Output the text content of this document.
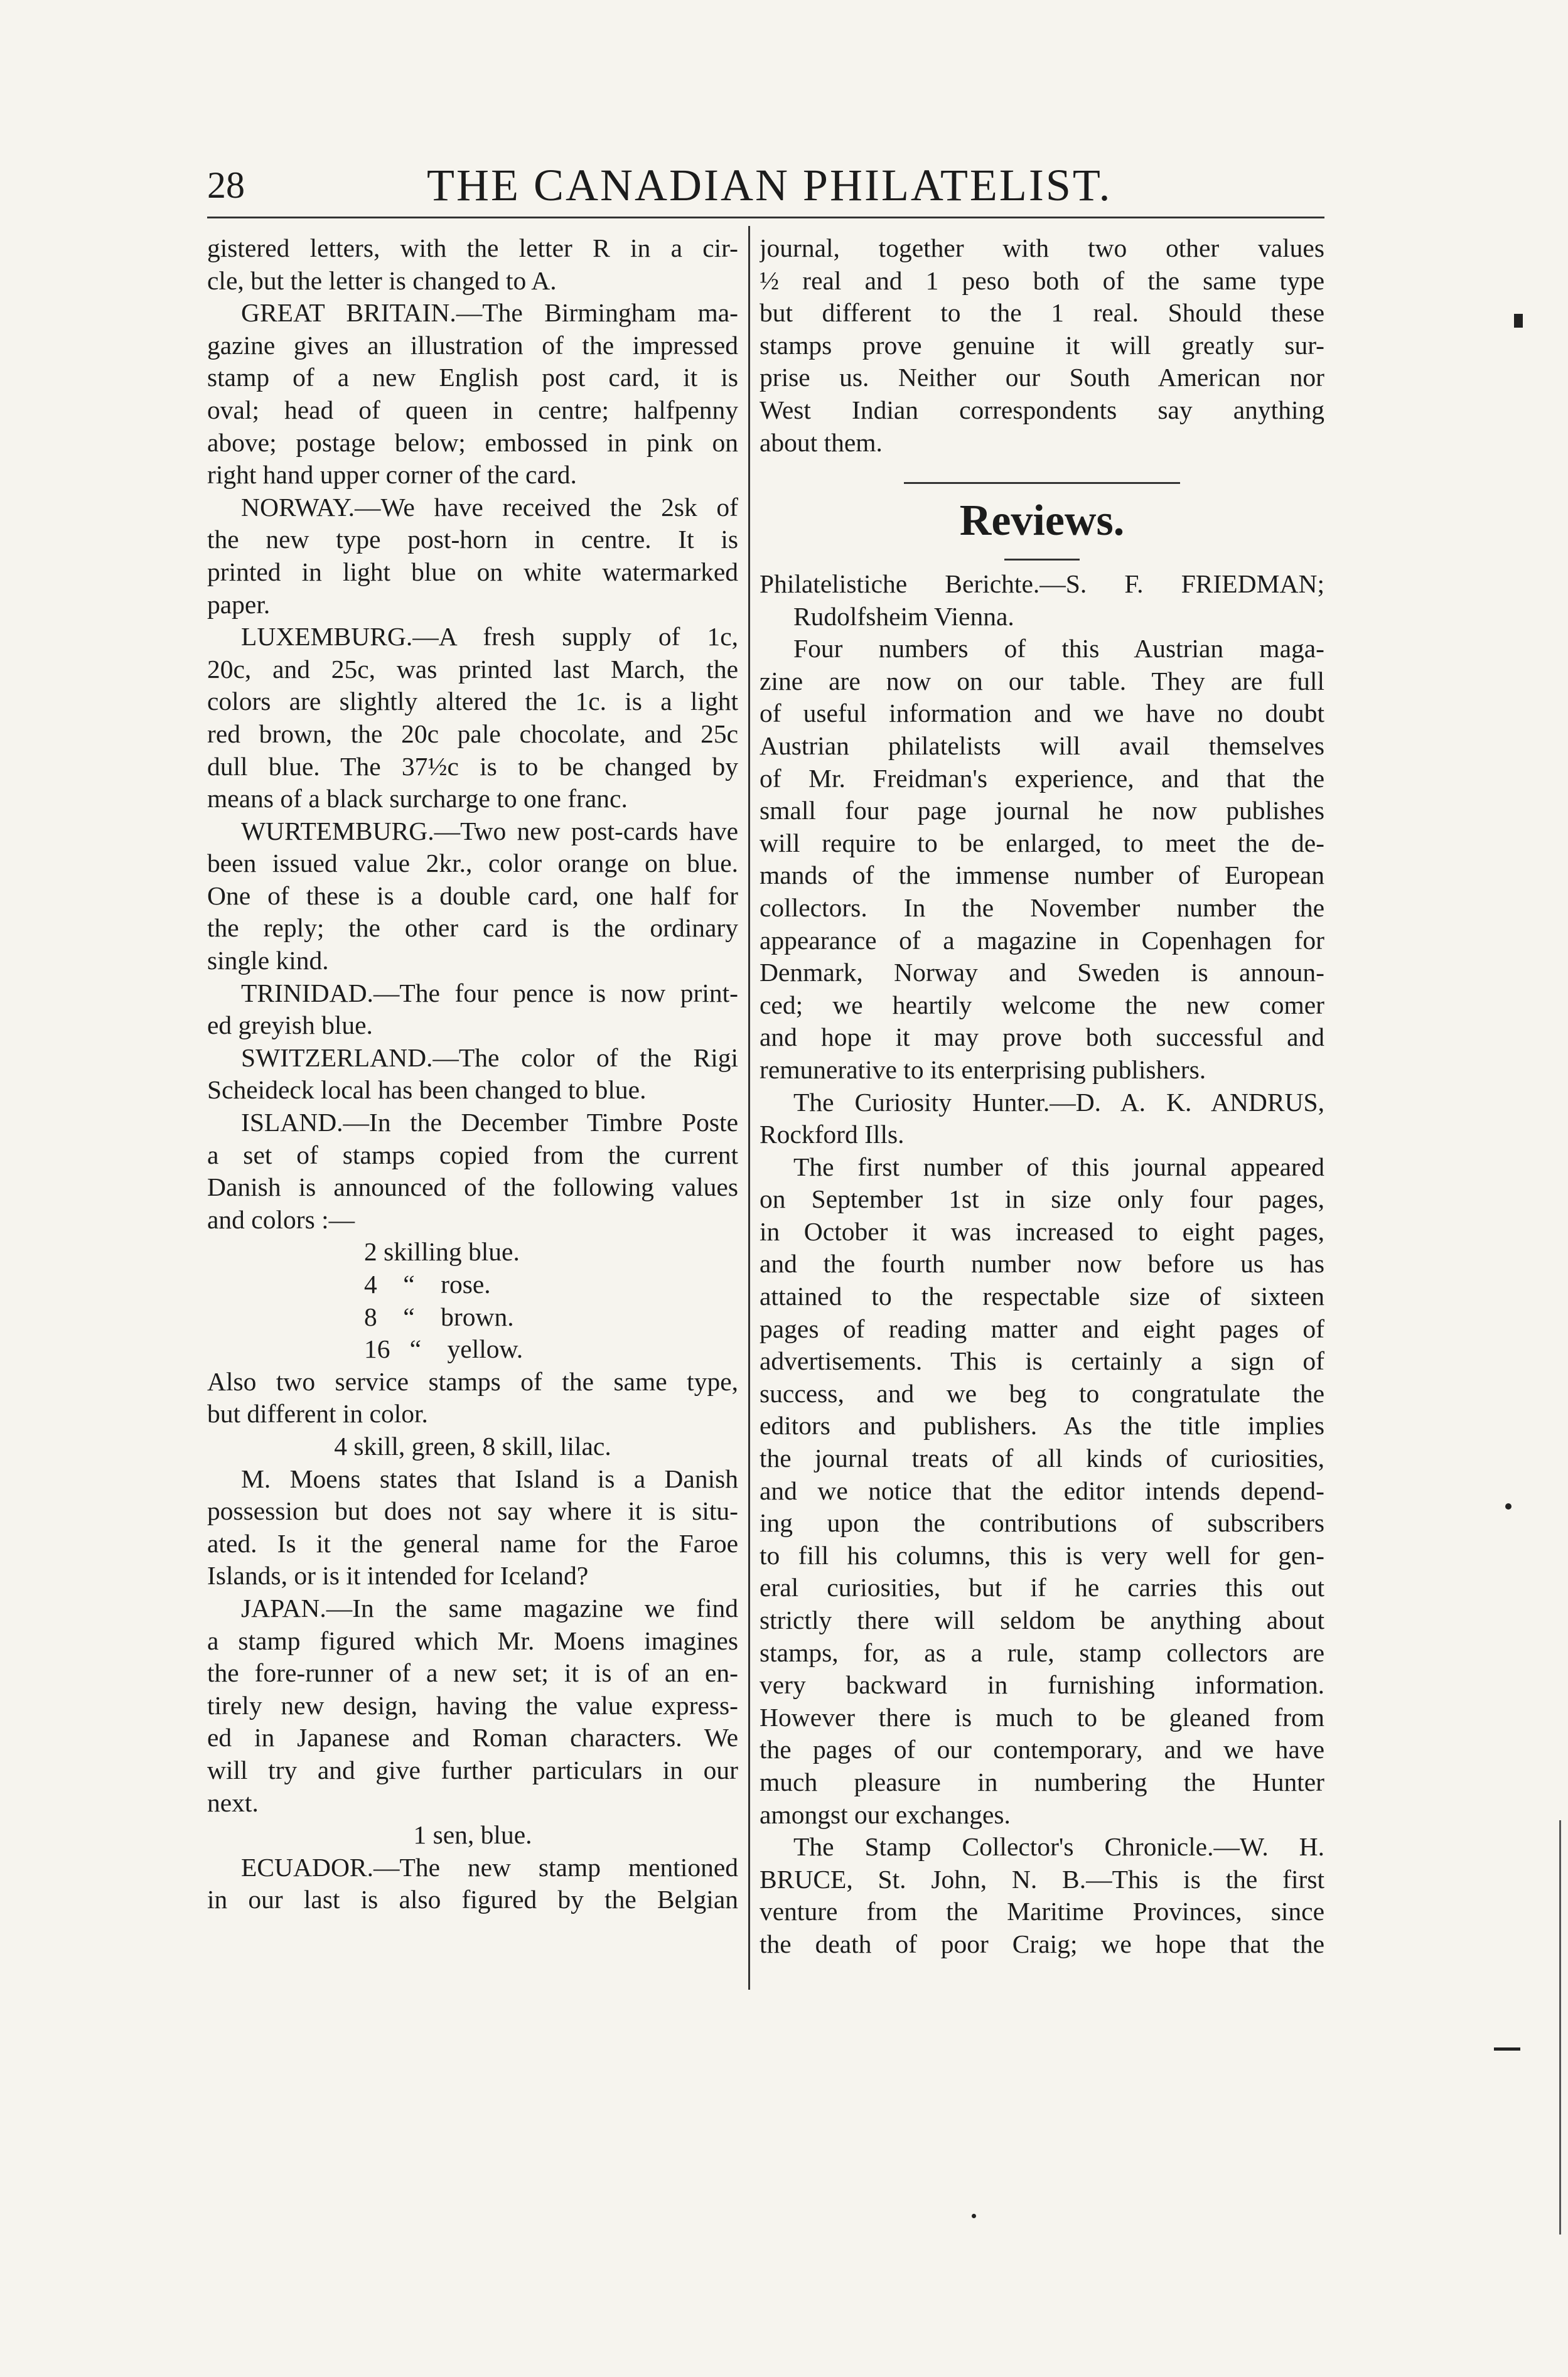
28	THE CANADIAN PHILATELIST.
gistered letters, with the letter R in a cir-
cle, but the letter is changed to A.
GREAT BRITAIN.—The Birmingham ma-
gazine gives an illustration of the impressed
stamp of a new English post card, it is
oval; head of queen in centre; halfpenny
above; postage below; embossed in pink on
right hand upper corner of the card.
NORWAY.—We have received the 2sk of
the new type post-horn in centre. It is
printed in light blue on white watermarked
paper.
LUXEMBURG.—A fresh supply of 1c,
20c, and 25c, was printed last March, the
colors are slightly altered the 1c. is a light
red brown, the 20c pale chocolate, and 25c
dull blue. The 37½c is to be changed by
means of a black surcharge to one franc.
WURTEMBURG.—Two new post-cards have
been issued value 2kr., color orange on blue.
One of these is a double card, one half for
the reply; the other card is the ordinary
single kind.
TRINIDAD.—The four pence is now print-
ed greyish blue.
SWITZERLAND.—The color of the Rigi
Scheideck local has been changed to blue.
ISLAND.—In the December Timbre Poste
a set of stamps copied from the current
Danish is announced of the following values
and colors :—
2 skilling blue.
4    “    rose.
8    “    brown.
16   “    yellow.
Also two service stamps of the same type,
but different in color.
4 skill, green, 8 skill, lilac.
M. Moens states that Island is a Danish
possession but does not say where it is situ-
ated. Is it the general name for the Faroe
Islands, or is it intended for Iceland?
JAPAN.—In the same magazine we find
a stamp figured which Mr. Moens imagines
the fore-runner of a new set; it is of an en-
tirely new design, having the value express-
ed in Japanese and Roman characters. We
will try and give further particulars in our
next.
1 sen, blue.
ECUADOR.—The new stamp mentioned
in our last is also figured by the Belgian
journal, together with two other values
½ real and 1 peso both of the same type
but different to the 1 real. Should these
stamps prove genuine it will greatly sur-
prise us. Neither our South American nor
West Indian correspondents say anything
about them.
Reviews.
Philatelistiche Berichte.—S. F. FRIEDMAN;
Rudolfsheim Vienna.
Four numbers of this Austrian maga-
zine are now on our table. They are full
of useful information and we have no doubt
Austrian philatelists will avail themselves
of Mr. Freidman's experience, and that the
small four page journal he now publishes
will require to be enlarged, to meet the de-
mands of the immense number of European
collectors. In the November number the
appearance of a magazine in Copenhagen for
Denmark, Norway and Sweden is announ-
ced; we heartily welcome the new comer
and hope it may prove both successful and
remunerative to its enterprising publishers.
The Curiosity Hunter.—D. A. K. ANDRUS,
Rockford Ills.
The first number of this journal appeared
on September 1st in size only four pages,
in October it was increased to eight pages,
and the fourth number now before us has
attained to the respectable size of sixteen
pages of reading matter and eight pages of
advertisements. This is certainly a sign of
success, and we beg to congratulate the
editors and publishers. As the title implies
the journal treats of all kinds of curiosities,
and we notice that the editor intends depend-
ing upon the contributions of subscribers
to fill his columns, this is very well for gen-
eral curiosities, but if he carries this out
strictly there will seldom be anything about
stamps, for, as a rule, stamp collectors are
very backward in furnishing information.
However there is much to be gleaned from
the pages of our contemporary, and we have
much pleasure in numbering the Hunter
amongst our exchanges.
The Stamp Collector's Chronicle.—W. H.
BRUCE, St. John, N. B.—This is the first
venture from the Maritime Provinces, since
the death of poor Craig; we hope that the
